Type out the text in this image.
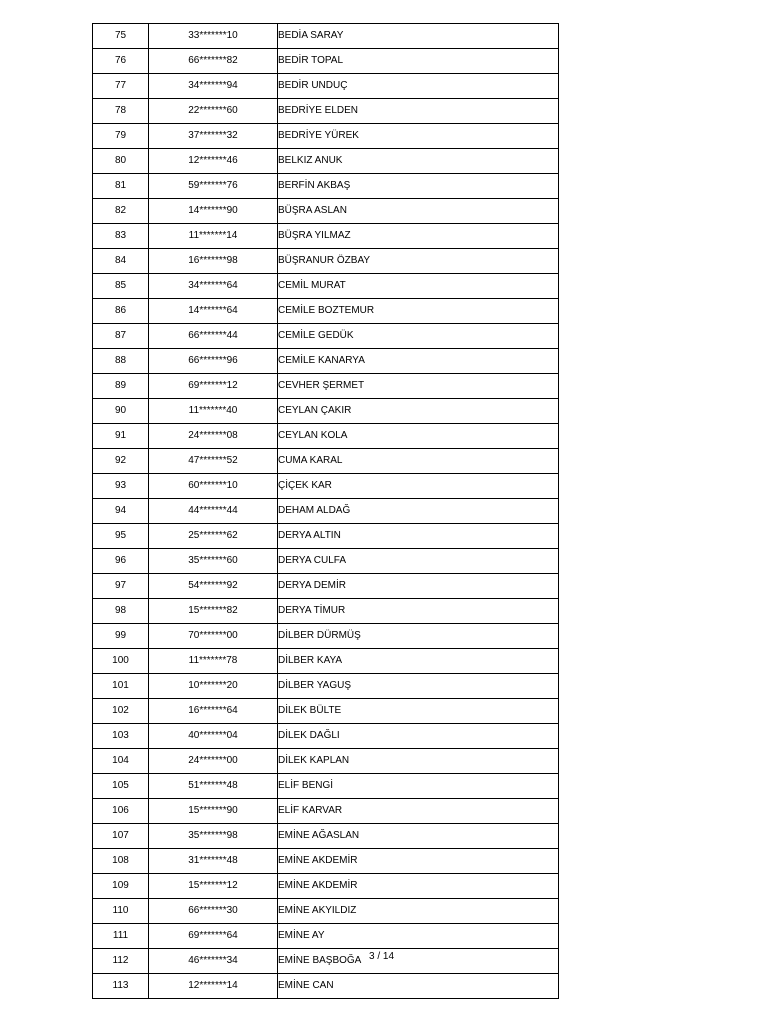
75	33*******10	BEDİA SARAY
76	66*******82	BEDİR TOPAL
77	34*******94	BEDİR UNDUÇ
78	22*******60	BEDRİYE ELDEN
79	37*******32	BEDRİYE YÜREK
80	12*******46	BELKIZ ANUK
81	59*******76	BERFİN AKBAŞ
82	14*******90	BÜŞRA ASLAN
83	11*******14	BÜŞRA YILMAZ
84	16*******98	BÜŞRANUR ÖZBAY
85	34*******64	CEMİL MURAT
86	14*******64	CEMİLE BOZTEMUR
87	66*******44	CEMİLE GEDÜK
88	66*******96	CEMİLE KANARYA
89	69*******12	CEVHER ŞERMET
90	11*******40	CEYLAN ÇAKIR
91	24*******08	CEYLAN KOLA
92	47*******52	CUMA KARAL
93	60*******10	ÇİÇEK KAR
94	44*******44	DEHAM ALDAĞ
95	25*******62	DERYA ALTIN
96	35*******60	DERYA CULFA
97	54*******92	DERYA DEMİR
98	15*******82	DERYA TİMUR
99	70*******00	DİLBER DÜRMÜŞ
100	11*******78	DİLBER KAYA
101	10*******20	DİLBER YAGUŞ
102	16*******64	DİLEK BÜLTE
103	40*******04	DİLEK DAĞLI
104	24*******00	DİLEK KAPLAN
105	51*******48	ELİF BENGİ
106	15*******90	ELİF KARVAR
107	35*******98	EMİNE AĞASLAN
108	31*******48	EMİNE AKDEMİR
109	15*******12	EMİNE AKDEMİR
110	66*******30	EMİNE AKYILDIZ
111	69*******64	EMİNE AY
112	46*******34	EMİNE BAŞBOĞA
113	12*******14	EMİNE CAN
3 / 14
